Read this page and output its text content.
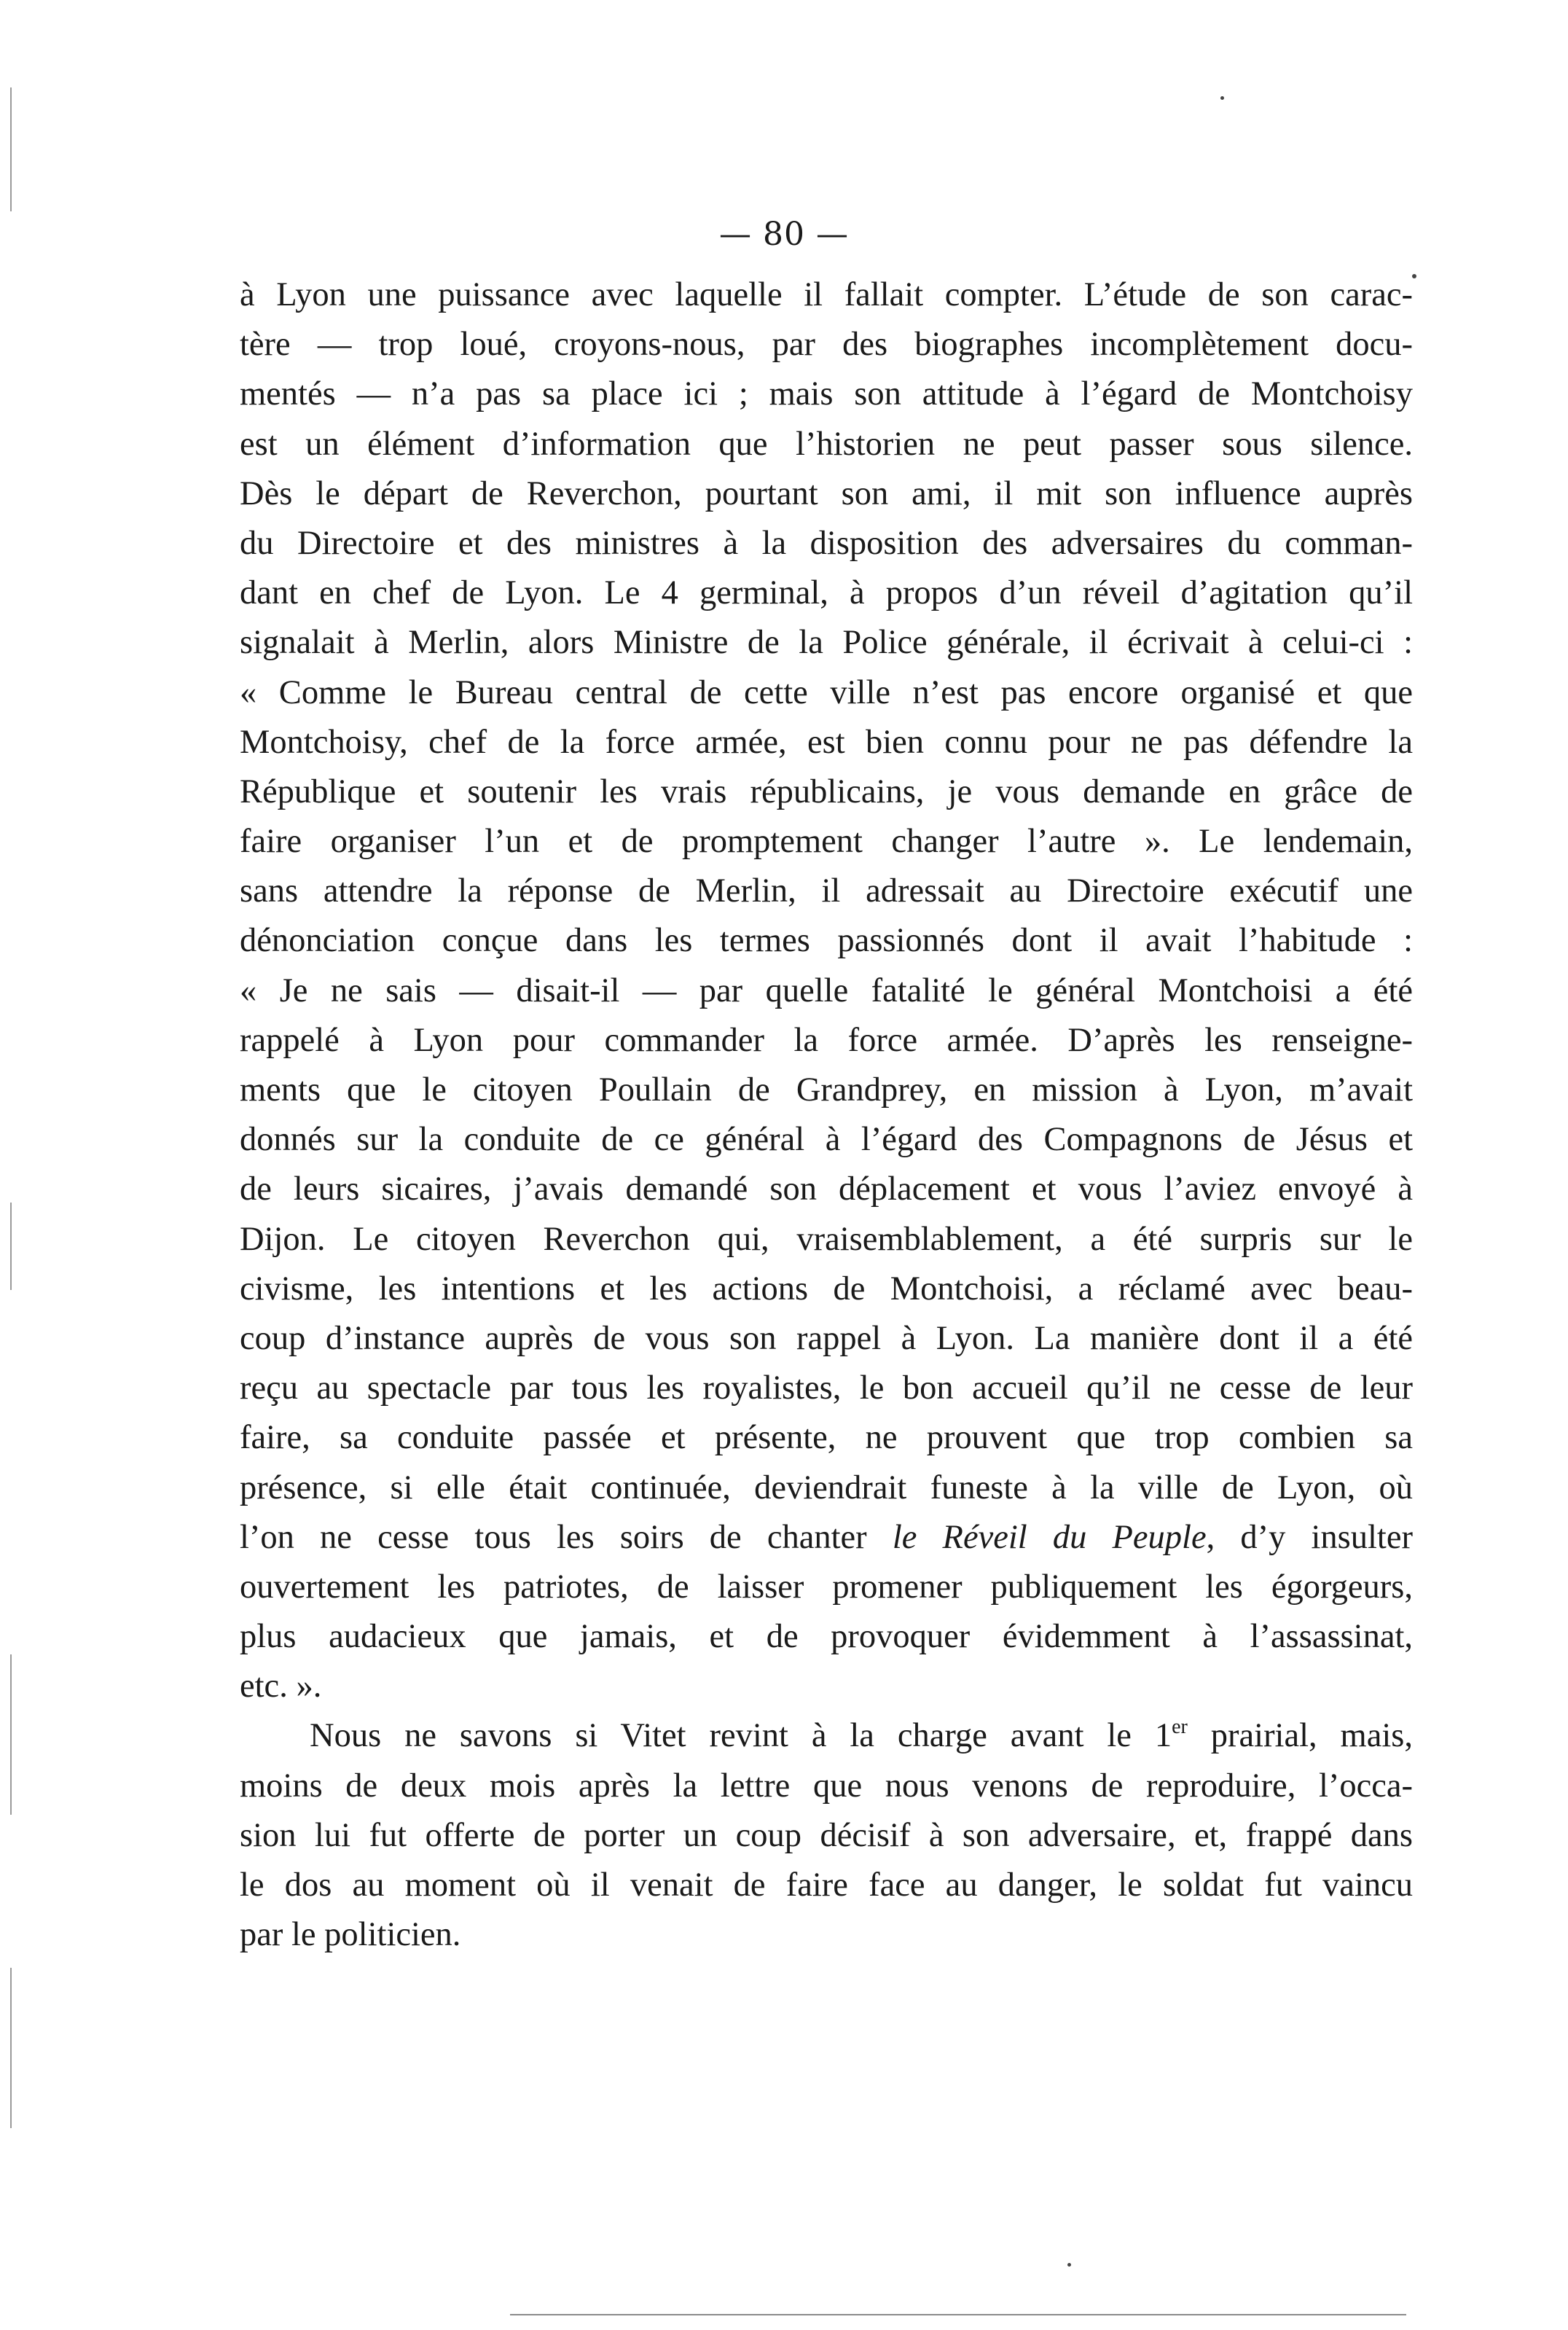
— 80 —
à Lyon une puissance avec laquelle il fallait compter. L’étude de son carac-
tère — trop loué, croyons-nous, par des biographes incomplètement docu-
mentés — n’a pas sa place ici ; mais son attitude à l’égard de Montchoisy
est un élément d’information que l’historien ne peut passer sous silence.
Dès le départ de Reverchon, pourtant son ami, il mit son influence auprès
du Directoire et des ministres à la disposition des adversaires du comman-
dant en chef de Lyon. Le 4 germinal, à propos d’un réveil d’agitation qu’il
signalait à Merlin, alors Ministre de la Police générale, il écrivait à celui-ci :
« Comme le Bureau central de cette ville n’est pas encore organisé et que
Montchoisy, chef de la force armée, est bien connu pour ne pas défendre la
République et soutenir les vrais républicains, je vous demande en grâce de
faire organiser l’un et de promptement changer l’autre ». Le lendemain,
sans attendre la réponse de Merlin, il adressait au Directoire exécutif une
dénonciation conçue dans les termes passionnés dont il avait l’habitude :
« Je ne sais — disait-il — par quelle fatalité le général Montchoisi a été
rappelé à Lyon pour commander la force armée. D’après les renseigne-
ments que le citoyen Poullain de Grandprey, en mission à Lyon, m’avait
donnés sur la conduite de ce général à l’égard des Compagnons de Jésus et
de leurs sicaires, j’avais demandé son déplacement et vous l’aviez envoyé à
Dijon. Le citoyen Reverchon qui, vraisemblablement, a été surpris sur le
civisme, les intentions et les actions de Montchoisi, a réclamé avec beau-
coup d’instance auprès de vous son rappel à Lyon. La manière dont il a été
reçu au spectacle par tous les royalistes, le bon accueil qu’il ne cesse de leur
faire, sa conduite passée et présente, ne prouvent que trop combien sa
présence, si elle était continuée, deviendrait funeste à la ville de Lyon, où
l’on ne cesse tous les soirs de chanter le Réveil du Peuple, d’y insulter
ouvertement les patriotes, de laisser promener publiquement les égorgeurs,
plus audacieux que jamais, et de provoquer évidemment à l’assassinat,
etc. ».
Nous ne savons si Vitet revint à la charge avant le 1er prairial, mais,
moins de deux mois après la lettre que nous venons de reproduire, l’occa-
sion lui fut offerte de porter un coup décisif à son adversaire, et, frappé dans
le dos au moment où il venait de faire face au danger, le soldat fut vaincu
par le politicien.
